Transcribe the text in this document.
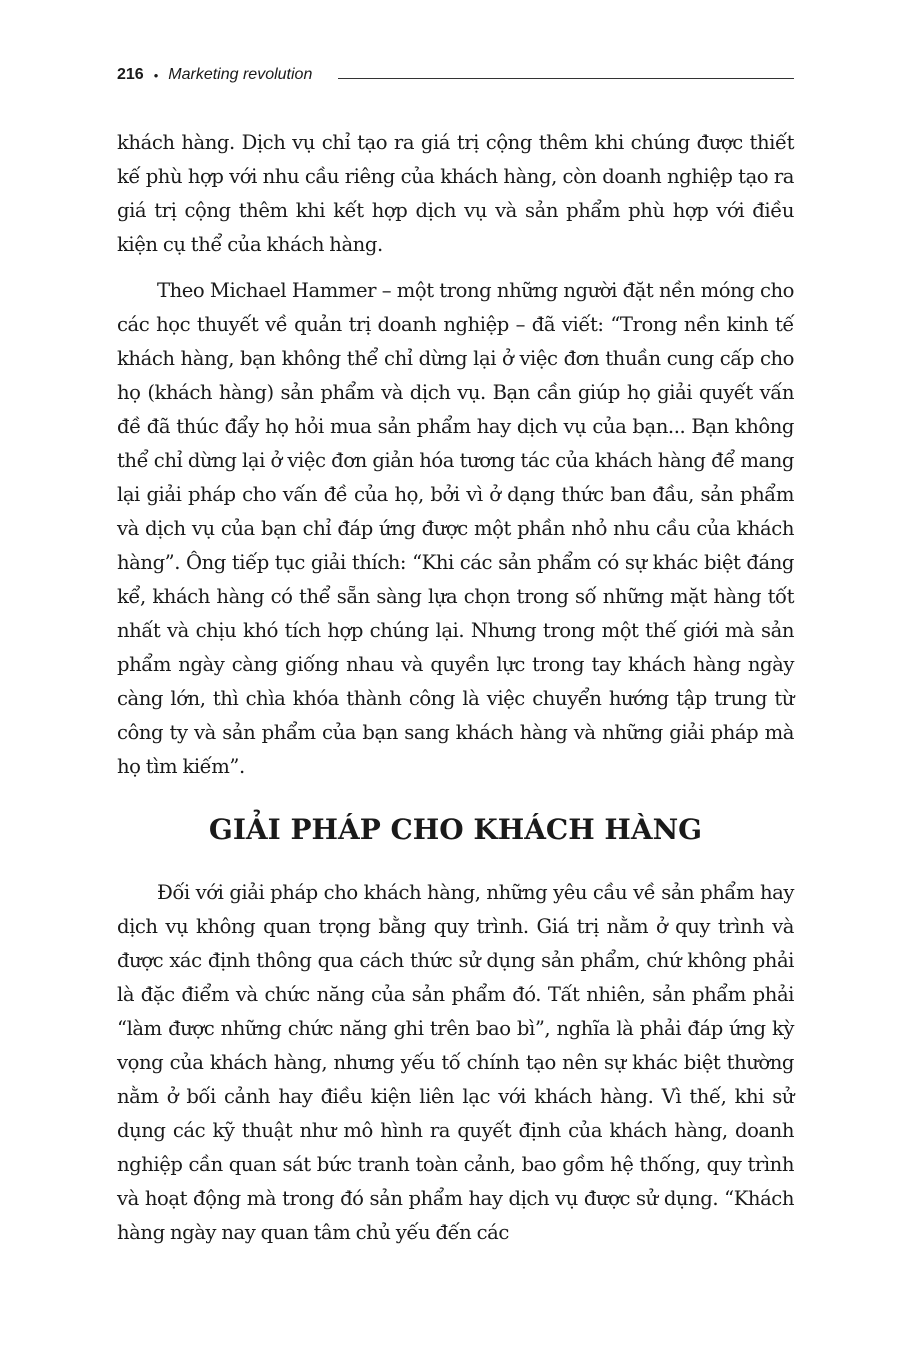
216 • Marketing revolution

khách hàng. Dịch vụ chỉ tạo ra giá trị cộng thêm khi chúng được thiết kế phù hợp với nhu cầu riêng của khách hàng, còn doanh nghiệp tạo ra giá trị cộng thêm khi kết hợp dịch vụ và sản phẩm phù hợp với điều kiện cụ thể của khách hàng.

Theo Michael Hammer – một trong những người đặt nền móng cho các học thuyết về quản trị doanh nghiệp – đã viết: “Trong nền kinh tế khách hàng, bạn không thể chỉ dừng lại ở việc đơn thuần cung cấp cho họ (khách hàng) sản phẩm và dịch vụ. Bạn cần giúp họ giải quyết vấn đề đã thúc đẩy họ hỏi mua sản phẩm hay dịch vụ của bạn... Bạn không thể chỉ dừng lại ở việc đơn giản hóa tương tác của khách hàng để mang lại giải pháp cho vấn đề của họ, bởi vì ở dạng thức ban đầu, sản phẩm và dịch vụ của bạn chỉ đáp ứng được một phần nhỏ nhu cầu của khách hàng”. Ông tiếp tục giải thích: “Khi các sản phẩm có sự khác biệt đáng kể, khách hàng có thể sẵn sàng lựa chọn trong số những mặt hàng tốt nhất và chịu khó tích hợp chúng lại. Nhưng trong một thế giới mà sản phẩm ngày càng giống nhau và quyền lực trong tay khách hàng ngày càng lớn, thì chìa khóa thành công là việc chuyển hướng tập trung từ công ty và sản phẩm của bạn sang khách hàng và những giải pháp mà họ tìm kiếm”.

GIẢI PHÁP CHO KHÁCH HÀNG

Đối với giải pháp cho khách hàng, những yêu cầu về sản phẩm hay dịch vụ không quan trọng bằng quy trình. Giá trị nằm ở quy trình và được xác định thông qua cách thức sử dụng sản phẩm, chứ không phải là đặc điểm và chức năng của sản phẩm đó. Tất nhiên, sản phẩm phải “làm được những chức năng ghi trên bao bì”, nghĩa là phải đáp ứng kỳ vọng của khách hàng, nhưng yếu tố chính tạo nên sự khác biệt thường nằm ở bối cảnh hay điều kiện liên lạc với khách hàng. Vì thế, khi sử dụng các kỹ thuật như mô hình ra quyết định của khách hàng, doanh nghiệp cần quan sát bức tranh toàn cảnh, bao gồm hệ thống, quy trình và hoạt động mà trong đó sản phẩm hay dịch vụ được sử dụng. “Khách hàng ngày nay quan tâm chủ yếu đến các
